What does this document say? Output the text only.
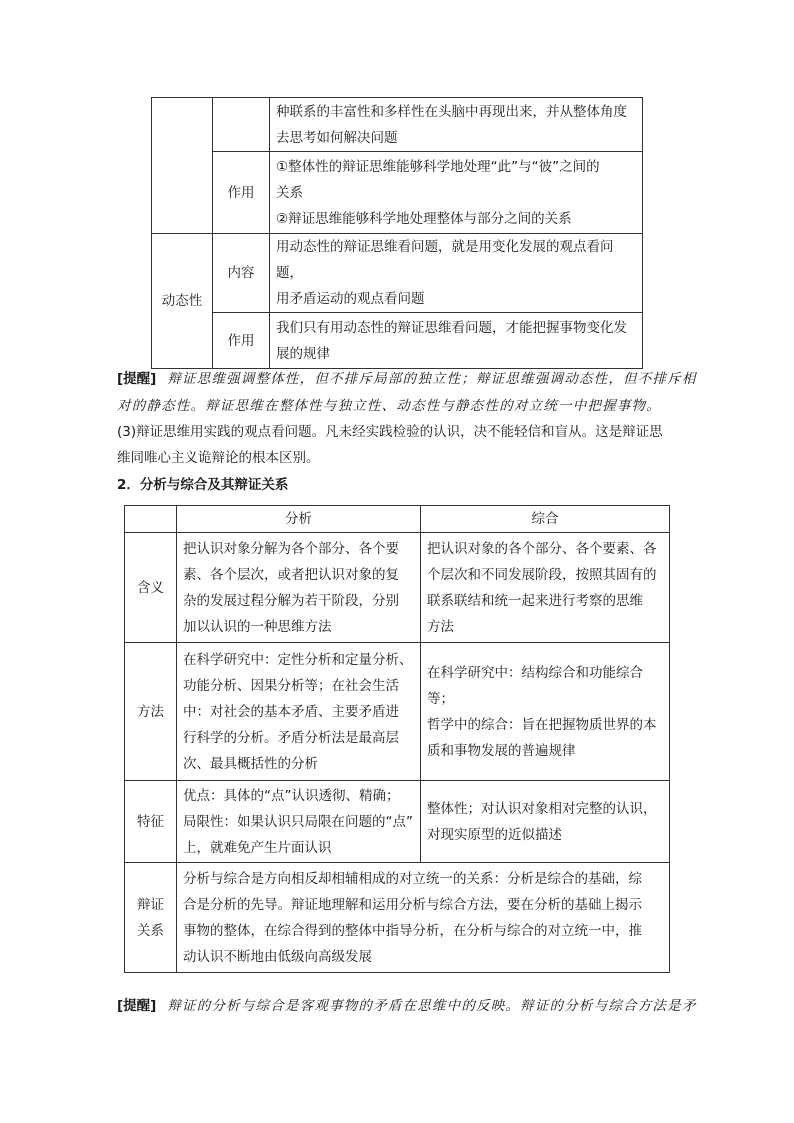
		种联系的丰富性和多样性在头脑中再现出来，并从整体角度
去思考如何解决问题
	作用	①整体性的辩证思维能够科学地处理“此”与“彼”之间的
关系
②辩证思维能够科学地处理整体与部分之间的关系
动态性	内容	用动态性的辩证思维看问题，就是用变化发展的观点看问题，
用矛盾运动的观点看问题
	作用	我们只有用动态性的辩证思维看问题，才能把握事物变化发
展的规律
[提醒] 辩证思维强调整体性，但不排斥局部的独立性；辩证思维强调动态性，但不排斥相
对的静态性。辩证思维在整体性与独立性、动态性与静态性的对立统一中把握事物。
(3)辩证思维用实践的观点看问题。凡未经实践检验的认识，决不能轻信和盲从。这是辩证思
维同唯心主义诡辩论的根本区别。
2．分析与综合及其辩证关系
	分析	综合
含义	把认识对象分解为各个部分、各个要
素、各个层次，或者把认识对象的复
杂的发展过程分解为若干阶段，分别
加以认识的一种思维方法	把认识对象的各个部分、各个要素、各
个层次和不同发展阶段，按照其固有的
联系联结和统一起来进行考察的思维
方法
方法	在科学研究中：定性分析和定量分析、
功能分析、因果分析等；在社会生活
中：对社会的基本矛盾、主要矛盾进
行科学的分析。矛盾分析法是最高层
次、最具概括性的分析	在科学研究中：结构综合和功能综合等；
哲学中的综合：旨在把握物质世界的本
质和事物发展的普遍规律
特征	优点：具体的“点”认识透彻、精确；
局限性：如果认识只局限在问题的“点”
上，就难免产生片面认识	整体性；对认识对象相对完整的认识，
对现实原型的近似描述
辩证
关系	分析与综合是方向相反却相辅相成的对立统一的关系：分析是综合的基础，综
合是分析的先导。辩证地理解和运用分析与综合方法，要在分析的基础上揭示
事物的整体，在综合得到的整体中指导分析，在分析与综合的对立统一中，推
动认识不断地由低级向高级发展	
[提醒] 辩证的分析与综合是客观事物的矛盾在思维中的反映。辩证的分析与综合方法是矛
